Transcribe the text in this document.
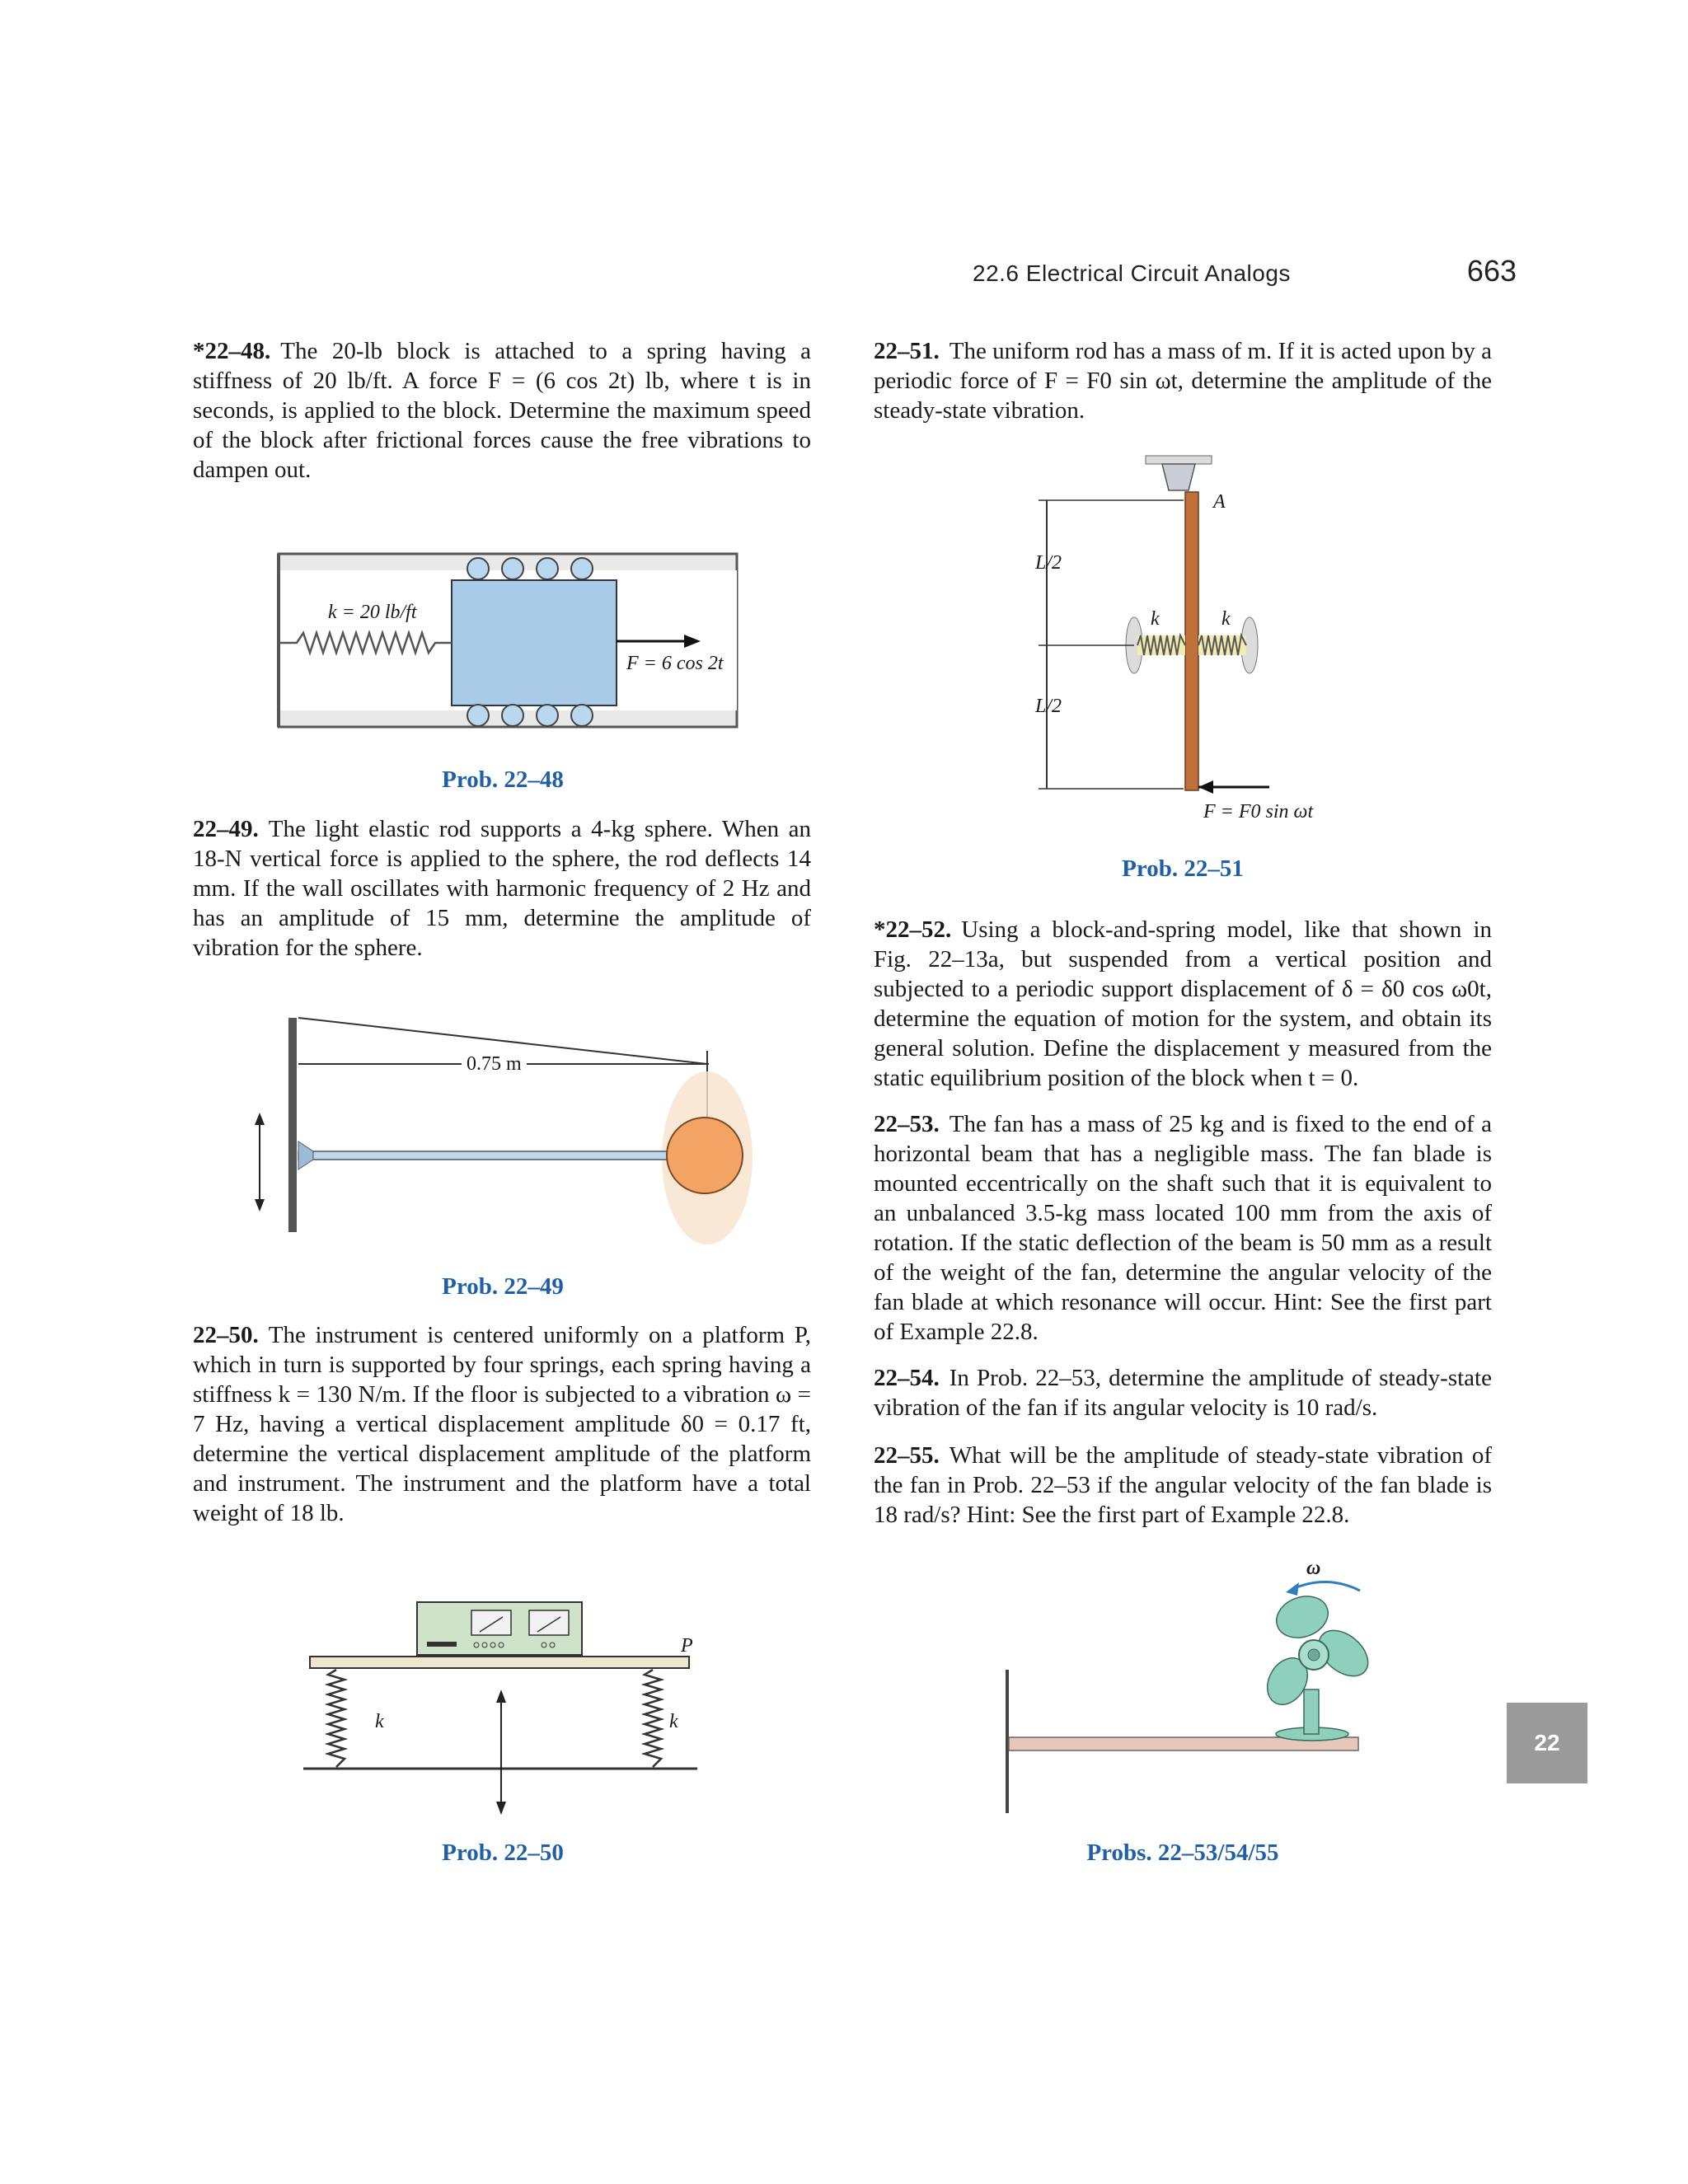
22.6 Electrical Circuit Analogs	663

*22–48. The 20-lb block is attached to a spring having a stiffness of 20 lb/ft. A force F = (6 cos 2t) lb, where t is in seconds, is applied to the block. Determine the maximum speed of the block after frictional forces cause the free vibrations to dampen out.

k = 20 lb/ft
F = 6 cos 2t
Prob. 22–48

22–49. The light elastic rod supports a 4-kg sphere. When an 18-N vertical force is applied to the sphere, the rod deflects 14 mm. If the wall oscillates with harmonic frequency of 2 Hz and has an amplitude of 15 mm, determine the amplitude of vibration for the sphere.

0.75 m
Prob. 22–49

22–50. The instrument is centered uniformly on a platform P, which in turn is supported by four springs, each spring having a stiffness k = 130 N/m. If the floor is subjected to a vibration ω = 7 Hz, having a vertical displacement amplitude δ0 = 0.17 ft, determine the vertical displacement amplitude of the platform and instrument. The instrument and the platform have a total weight of 18 lb.

P
k	k
Prob. 22–50

22–51. The uniform rod has a mass of m. If it is acted upon by a periodic force of F = F0 sin ωt, determine the amplitude of the steady-state vibration.

A
L/2
L/2
k	k
F = F0 sin ωt
Prob. 22–51

*22–52. Using a block-and-spring model, like that shown in Fig. 22–13a, but suspended from a vertical position and subjected to a periodic support displacement of δ = δ0 cos ω0t, determine the equation of motion for the system, and obtain its general solution. Define the displacement y measured from the static equilibrium position of the block when t = 0.

22–53. The fan has a mass of 25 kg and is fixed to the end of a horizontal beam that has a negligible mass. The fan blade is mounted eccentrically on the shaft such that it is equivalent to an unbalanced 3.5-kg mass located 100 mm from the axis of rotation. If the static deflection of the beam is 50 mm as a result of the weight of the fan, determine the angular velocity of the fan blade at which resonance will occur. Hint: See the first part of Example 22.8.

22–54. In Prob. 22–53, determine the amplitude of steady-state vibration of the fan if its angular velocity is 10 rad/s.

22–55. What will be the amplitude of steady-state vibration of the fan in Prob. 22–53 if the angular velocity of the fan blade is 18 rad/s? Hint: See the first part of Example 22.8.

ω
Probs. 22–53/54/55
22
